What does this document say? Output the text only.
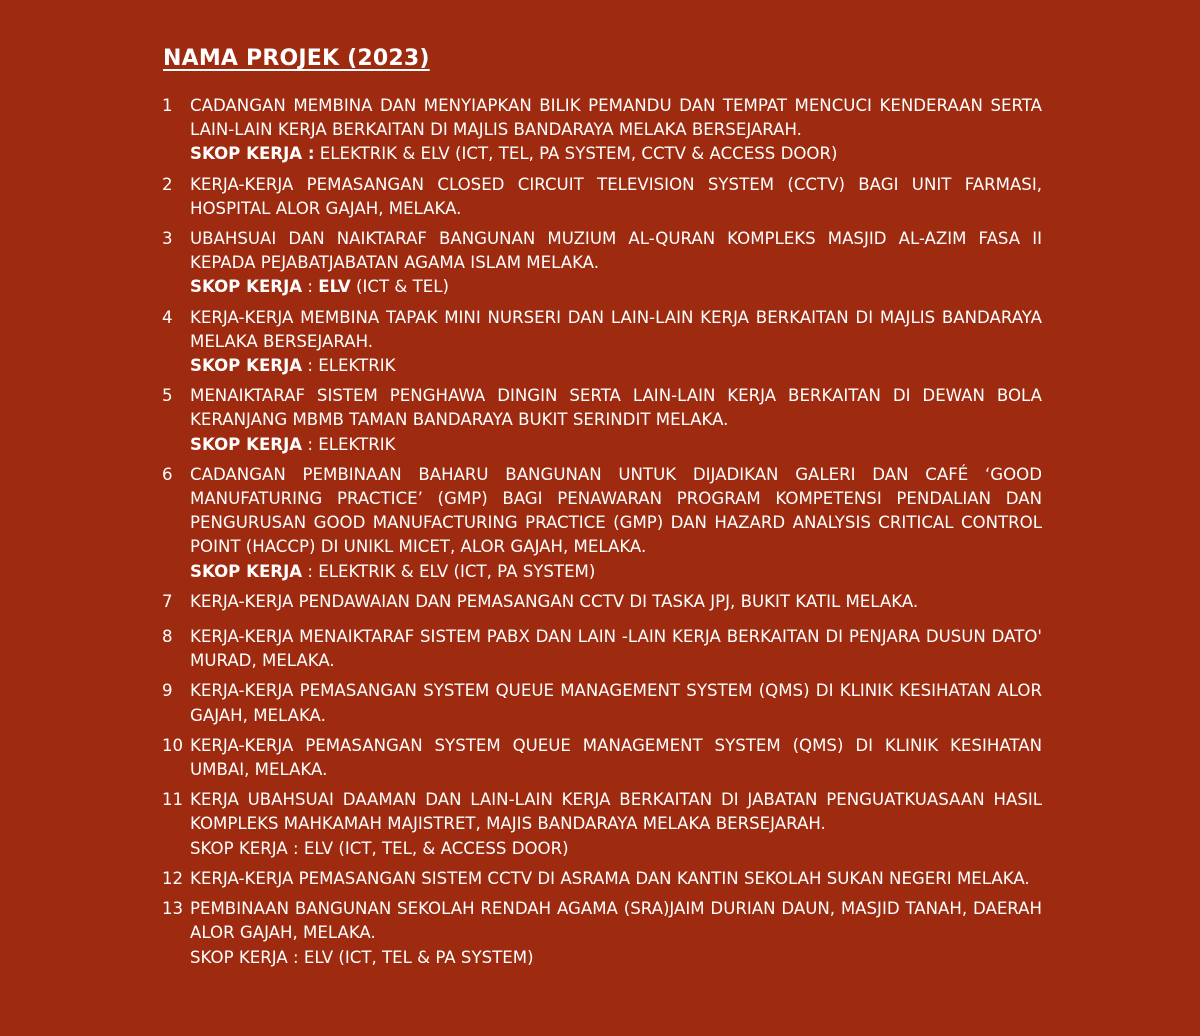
NAMA PROJEK (2023)
1	CADANGAN MEMBINA DAN MENYIAPKAN BILIK PEMANDU DAN TEMPAT MENCUCI KENDERAAN SERTA LAIN-LAIN KERJA BERKAITAN DI MAJLIS BANDARAYA MELAKA BERSEJARAH.
SKOP KERJA : ELEKTRIK & ELV (ICT, TEL, PA SYSTEM, CCTV & ACCESS DOOR)
2	KERJA-KERJA PEMASANGAN CLOSED CIRCUIT TELEVISION SYSTEM (CCTV) BAGI UNIT FARMASI, HOSPITAL ALOR GAJAH, MELAKA.
3	UBAHSUAI DAN NAIKTARAF BANGUNAN MUZIUM AL-QURAN KOMPLEKS MASJID AL-AZIM FASA II KEPADA PEJABATJABATAN AGAMA ISLAM MELAKA.
SKOP KERJA : ELV (ICT & TEL)
4	KERJA-KERJA MEMBINA TAPAK MINI NURSERI DAN LAIN-LAIN KERJA BERKAITAN DI MAJLIS BANDARAYA MELAKA BERSEJARAH.
SKOP KERJA : ELEKTRIK
5	MENAIKTARAF SISTEM PENGHAWA DINGIN SERTA LAIN-LAIN KERJA BERKAITAN DI DEWAN BOLA KERANJANG MBMB TAMAN BANDARAYA BUKIT SERINDIT MELAKA.
SKOP KERJA : ELEKTRIK
6	CADANGAN PEMBINAAN BAHARU BANGUNAN UNTUK DIJADIKAN GALERI DAN CAFÉ ‘GOOD MANUFATURING PRACTICE’ (GMP) BAGI PENAWARAN PROGRAM KOMPETENSI PENDALIAN DAN PENGURUSAN GOOD MANUFACTURING PRACTICE (GMP) DAN HAZARD ANALYSIS CRITICAL CONTROL POINT (HACCP) DI UNIKL MICET, ALOR GAJAH, MELAKA.
SKOP KERJA : ELEKTRIK & ELV (ICT, PA SYSTEM)
7	KERJA-KERJA PENDAWAIAN DAN PEMASANGAN CCTV DI TASKA JPJ, BUKIT KATIL MELAKA.
8	KERJA-KERJA MENAIKTARAF SISTEM PABX DAN LAIN -LAIN KERJA BERKAITAN DI PENJARA DUSUN DATO' MURAD, MELAKA.
9	KERJA-KERJA PEMASANGAN SYSTEM QUEUE MANAGEMENT SYSTEM (QMS) DI KLINIK KESIHATAN ALOR GAJAH, MELAKA.
10 KERJA-KERJA PEMASANGAN SYSTEM QUEUE MANAGEMENT SYSTEM (QMS) DI KLINIK KESIHATAN UMBAI, MELAKA.
11 KERJA UBAHSUAI DAAMAN DAN LAIN-LAIN KERJA BERKAITAN DI JABATAN PENGUATKUASAAN HASIL KOMPLEKS MAHKAMAH MAJISTRET, MAJIS BANDARAYA MELAKA BERSEJARAH.
SKOP KERJA : ELV (ICT, TEL, & ACCESS DOOR)
12 KERJA-KERJA PEMASANGAN SISTEM CCTV DI ASRAMA DAN KANTIN SEKOLAH SUKAN NEGERI MELAKA.
13 PEMBINAAN BANGUNAN SEKOLAH RENDAH AGAMA (SRA)JAIM DURIAN DAUN, MASJID TANAH, DAERAH ALOR GAJAH, MELAKA.
SKOP KERJA : ELV (ICT, TEL & PA SYSTEM)
